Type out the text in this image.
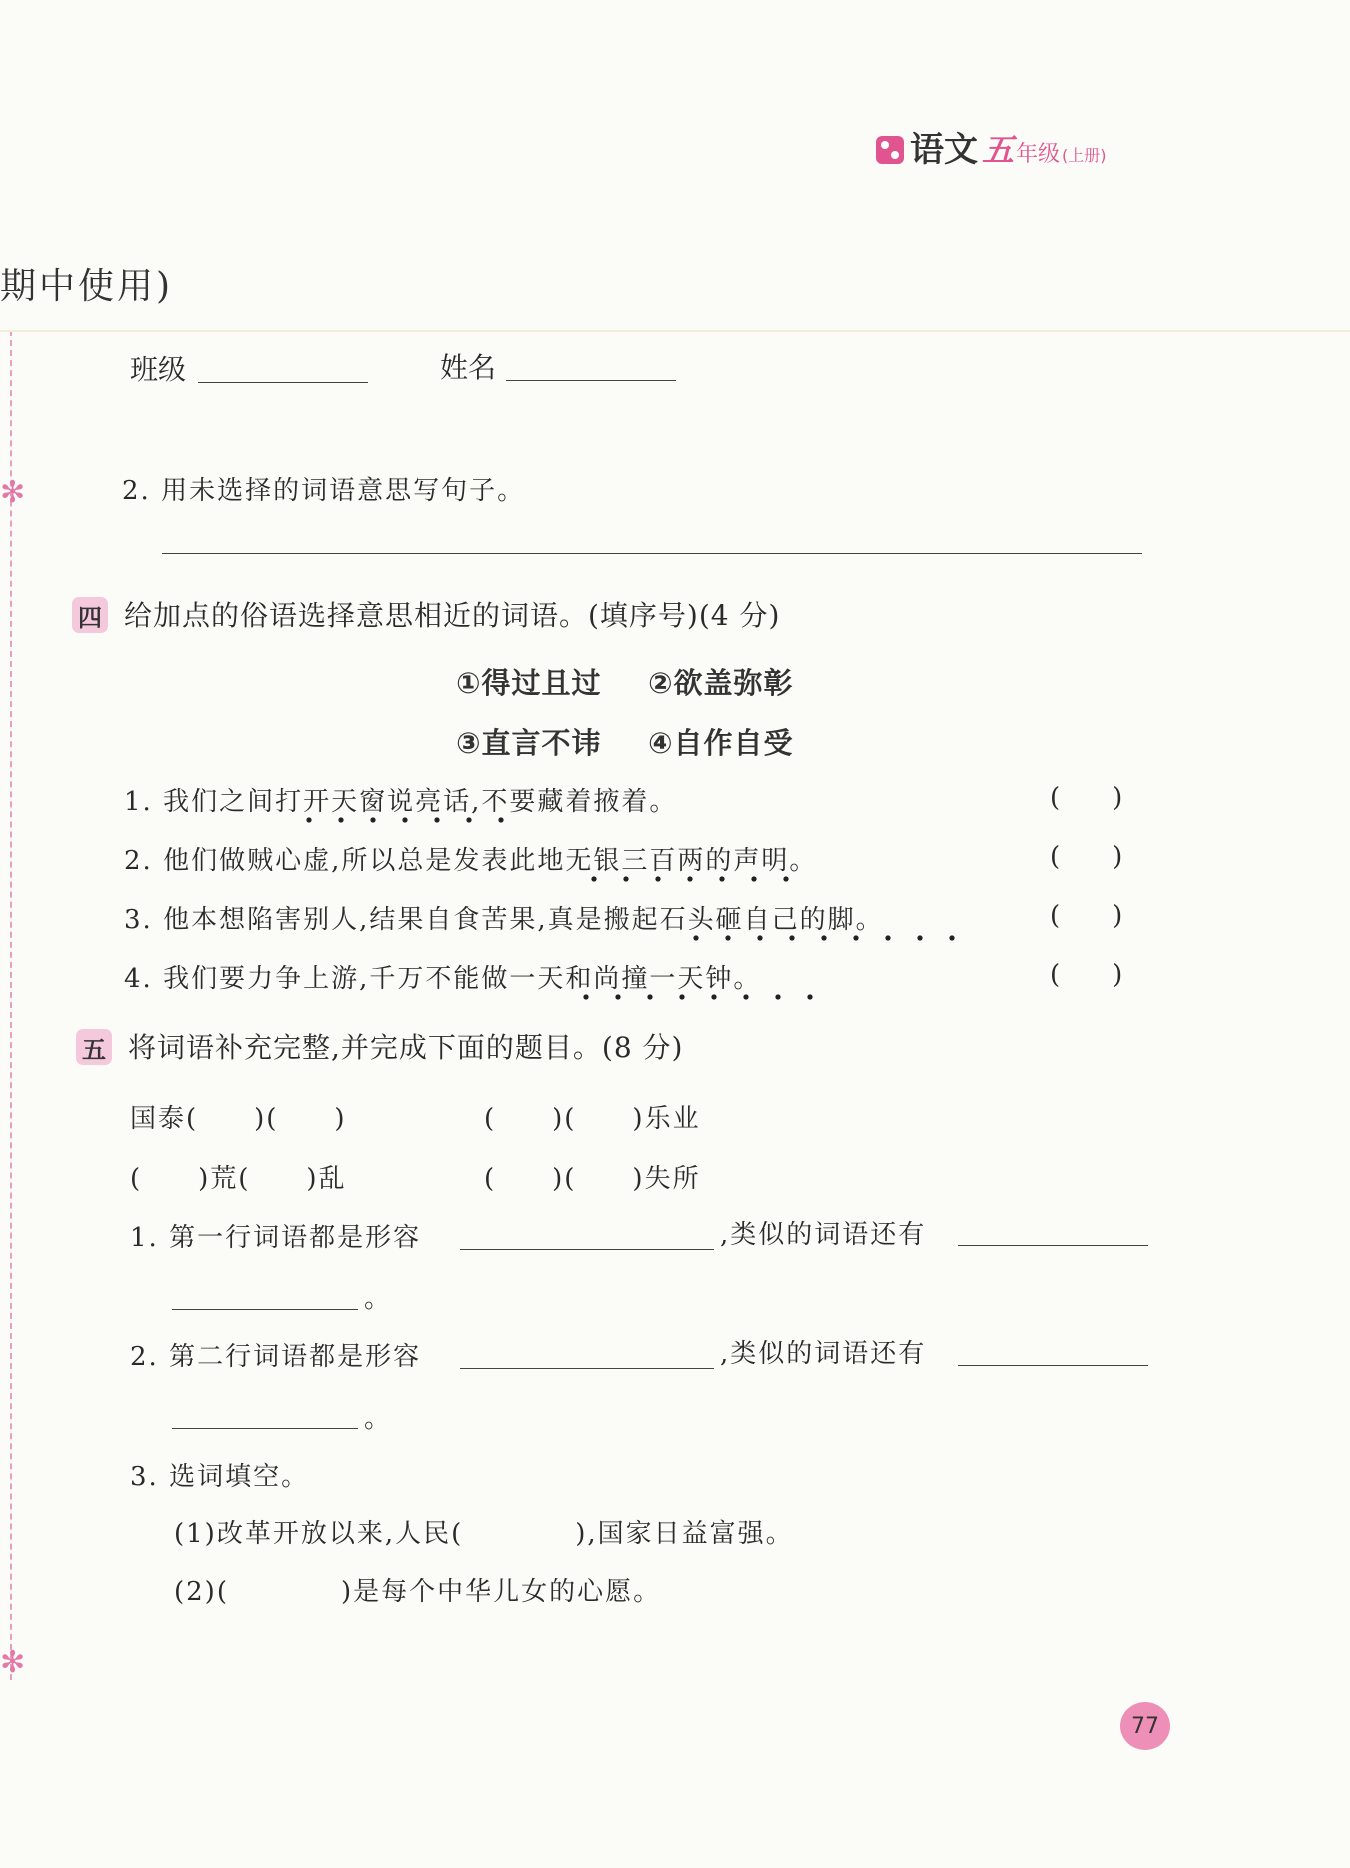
✻
✻
语文 五 年级 (上册)
期中使用)
班级	姓名
2. 用未选择的词语意思写句子。
四 给加点的俗语选择意思相近的词语。(填序号)(4 分)
①得过且过 ②欲盖弥彰
③直言不讳 ④自作自受
1. 我们之间打开天窗说亮话,不要藏着掖着。	(　　)
2. 他们做贼心虚,所以总是发表此地无银三百两的声明。	(　　)
3. 他本想陷害别人,结果自食苦果,真是搬起石头砸自己的脚。	(　　)
4. 我们要力争上游,千万不能做一天和尚撞一天钟。	(　　)
五 将词语补充完整,并完成下面的题目。(8 分)
国泰(　　)(　　)	(　　)(　　)乐业
(　　)荒(　　)乱	(　　)(　　)失所
1. 第一行词语都是形容	,类似的词语还有
。
2. 第二行词语都是形容	,类似的词语还有
。
3. 选词填空。
(1)改革开放以来,人民(　　　　),国家日益富强。
(2)(　　　　)是每个中华儿女的心愿。
77
